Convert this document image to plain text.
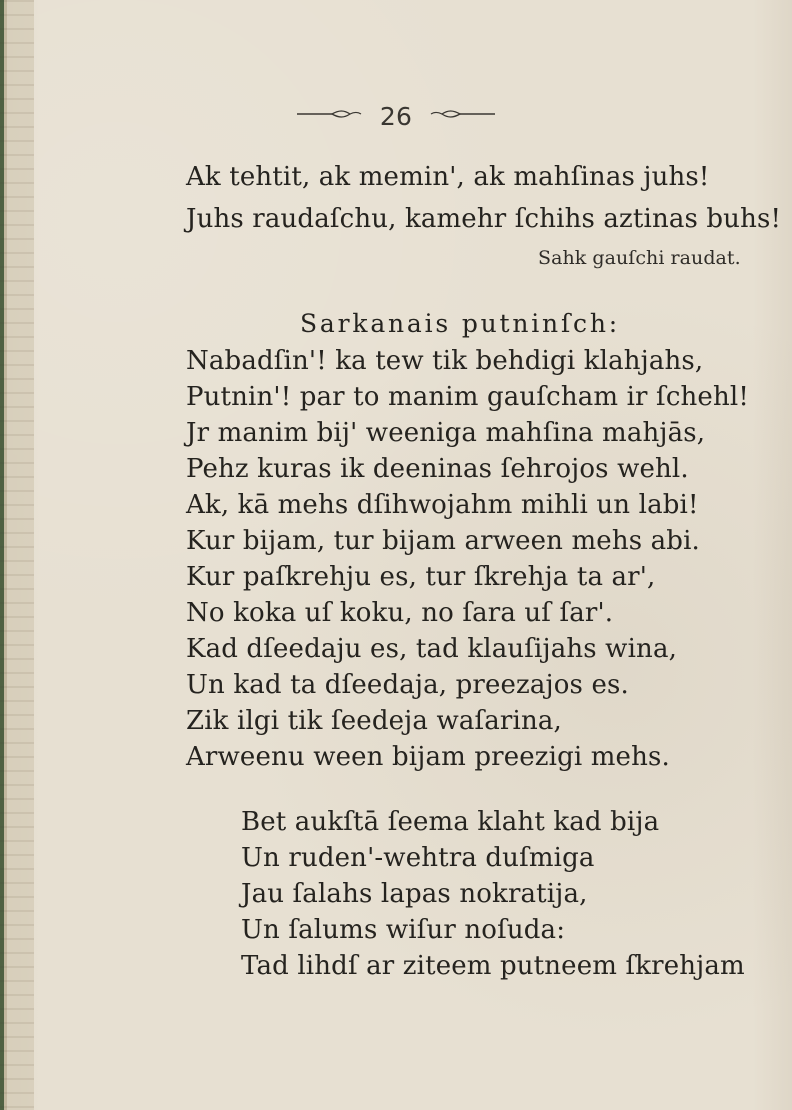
26
Ak tehtit, ak memin', ak mahſinas juhs!
Juhs raudaſchu, kamehr ſchihs aztinas buhs!
Sahk gauſchi raudat.
Sarkanais putninſch:
Nabadſin'! ka tew tik behdigi klahjahs,
Putnin'! par to manim gauſcham ir ſchehl!
Jr manim bij' weeniga mahſina mahjās,
Pehz kuras ik deeninas ſehrojos wehl.
Ak, kā mehs dſihwojahm mihli un labi!
Kur bijam, tur bijam arween mehs abi.
Kur paſkrehju es, tur ſkrehja ta ar',
No koka uſ koku, no ſara uſ ſar'.
Kad dſeedaju es, tad klauſijahs wina,
Un kad ta dſeedaja, preezajos es.
Zik ilgi tik ſeedeja waſarina,
Arweenu ween bijam preezigi mehs.
Bet aukſtā ſeema klaht kad bija
Un ruden'-wehtra duſmiga
Jau ſalahs lapas nokratija,
Un ſalums wiſur noſuda:
Tad lihdſ ar ziteem putneem ſkrehjam
